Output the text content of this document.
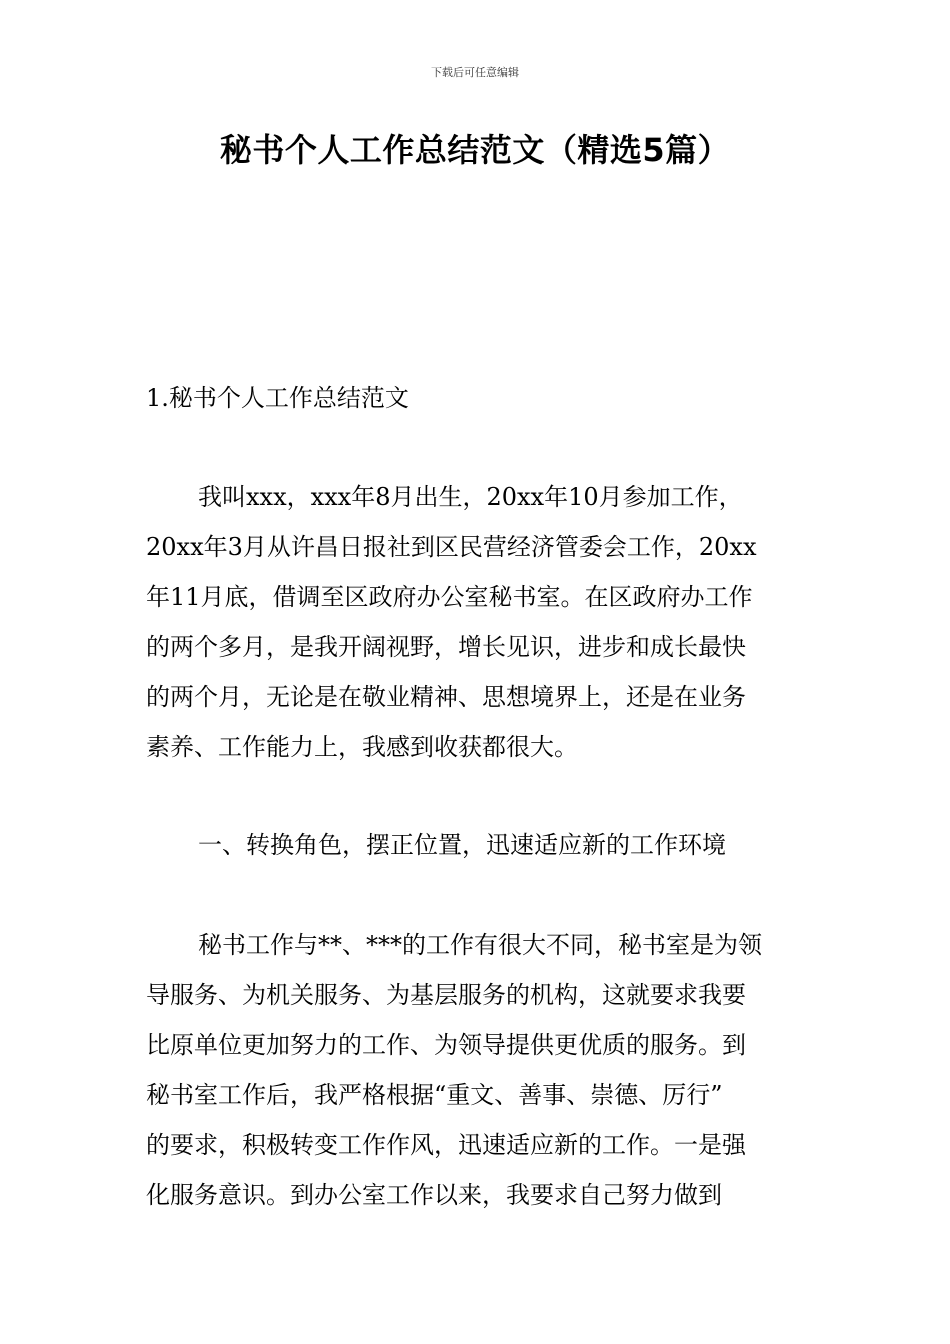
下载后可任意编辑
秘书个人工作总结范文（精选5篇）
1.秘书个人工作总结范文
我叫xxx，xxx年8月出生，20xx年10月参加工作，
20xx年3月从许昌日报社到区民营经济管委会工作，20xx
年11月底，借调至区政府办公室秘书室。在区政府办工作
的两个多月，是我开阔视野，增长见识，进步和成长最快
的两个月，无论是在敬业精神、思想境界上，还是在业务
素养、工作能力上，我感到收获都很大。
一、转换角色，摆正位置，迅速适应新的工作环境
秘书工作与**、***的工作有很大不同，秘书室是为领
导服务、为机关服务、为基层服务的机构，这就要求我要
比原单位更加努力的工作、为领导提供更优质的服务。到
秘书室工作后，我严格根据“重文、善事、崇德、厉行”
的要求，积极转变工作作风，迅速适应新的工作。一是强
化服务意识。到办公室工作以来，我要求自己努力做到
